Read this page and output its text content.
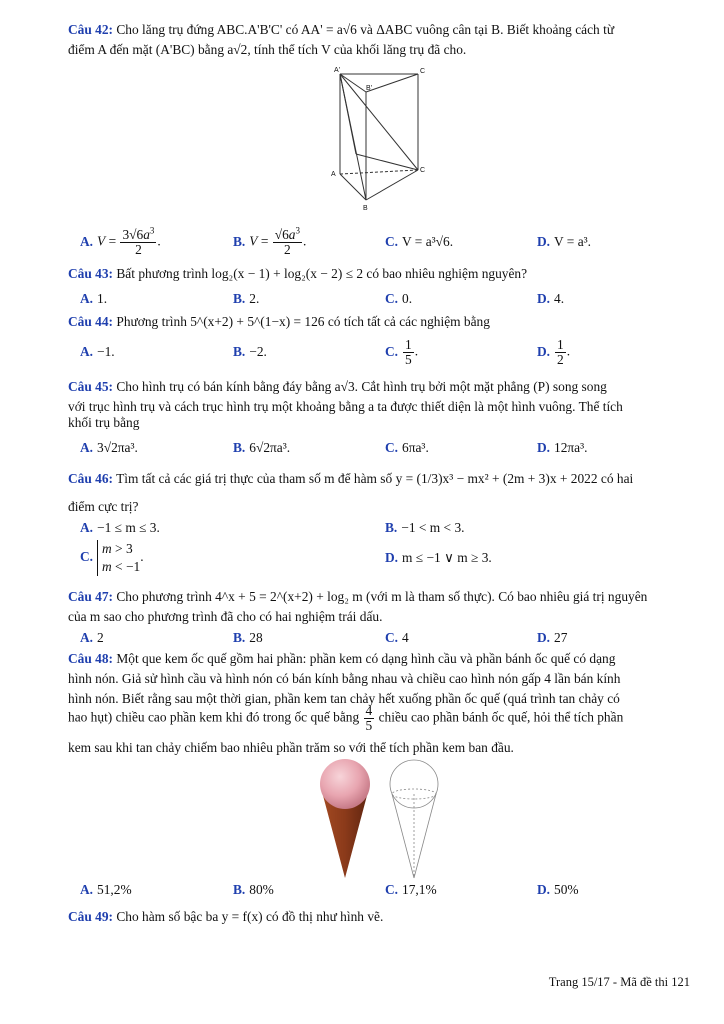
Câu 42: Cho lăng trụ đứng ABC.A'B'C' có AA' = a√6 và ΔABC vuông cân tại B. Biết khoảng cách từ
điểm A đến mặt (A'BC) bằng a√2, tính thể tích V của khối lăng trụ đã cho.
A'	C
B'
A
C
B
A. $V = \frac{3√6a^3}{2}$ .	B. $V = \frac{√6a^3}{2}$ .	C. V = a³√6.	D. V = a³.
Câu 43: Bất phương trình log₂(x − 1) + log₂(x − 2) ≤ 2 có bao nhiêu nghiệm nguyên?
A. 1.	B. 2.	C. 0.	D. 4.
Câu 44: Phương trình 5^(x+2) + 5^(1−x) = 126 có tích tất cả các nghiệm bằng
A. −1.	B. −2.	C. $\frac{1}{5}$ .	D. $\frac{1}{2}$ .
Câu 45: Cho hình trụ có bán kính bằng đáy bằng a√3. Cắt hình trụ bởi một mặt phẳng (P) song song
với trục hình trụ và cách trục hình trụ một khoảng bằng a ta được thiết diện là một hình vuông. Thể tích
khối trụ bằng
A. 3√2πa³.	B. 6√2πa³.	C. 6πa³.	D. 12πa³.
Câu 46: Tìm tất cả các giá trị thực của tham số m để hàm số y = (1/3)x³ − mx² + (2m + 3)x + 2022 có hai
điểm cực trị?
A. −1 ≤ m ≤ 3.	B. −1 < m < 3.
C.m > 3
m < −1.	D. m ≤ −1 ∨ m ≥ 3.
Câu 47: Cho phương trình 4^x + 5 = 2^(x+2) + log₂ m (với m là tham số thực). Có bao nhiêu giá trị nguyên
của m sao cho phương trình đã cho có hai nghiệm trái dấu.
A. 2	B. 28	C. 4	D. 27
Câu 48: Một que kem ốc quế gồm hai phần: phần kem có dạng hình cầu và phần bánh ốc quế có dạng
hình nón. Giả sử hình cầu và hình nón có bán kính bằng nhau và chiều cao hình nón gấp 4 lần bán kính
hình nón. Biết rằng sau một thời gian, phần kem tan chảy hết xuống phần ốc quế (quá trình tan chảy có
hao hụt) chiều cao phần kem khi đó trong ốc quế bằng $\frac{4}{5}$ chiều cao phần bánh ốc quế, hỏi thể tích phần
kem sau khi tan chảy chiếm bao nhiêu phần trăm so với thể tích phần kem ban đầu.
A. 51,2%	B. 80%	C. 17,1%	D. 50%
Câu 49: Cho hàm số bậc ba y = f(x) có đồ thị như hình vẽ.
Trang 15/17 - Mã đề thi 121
